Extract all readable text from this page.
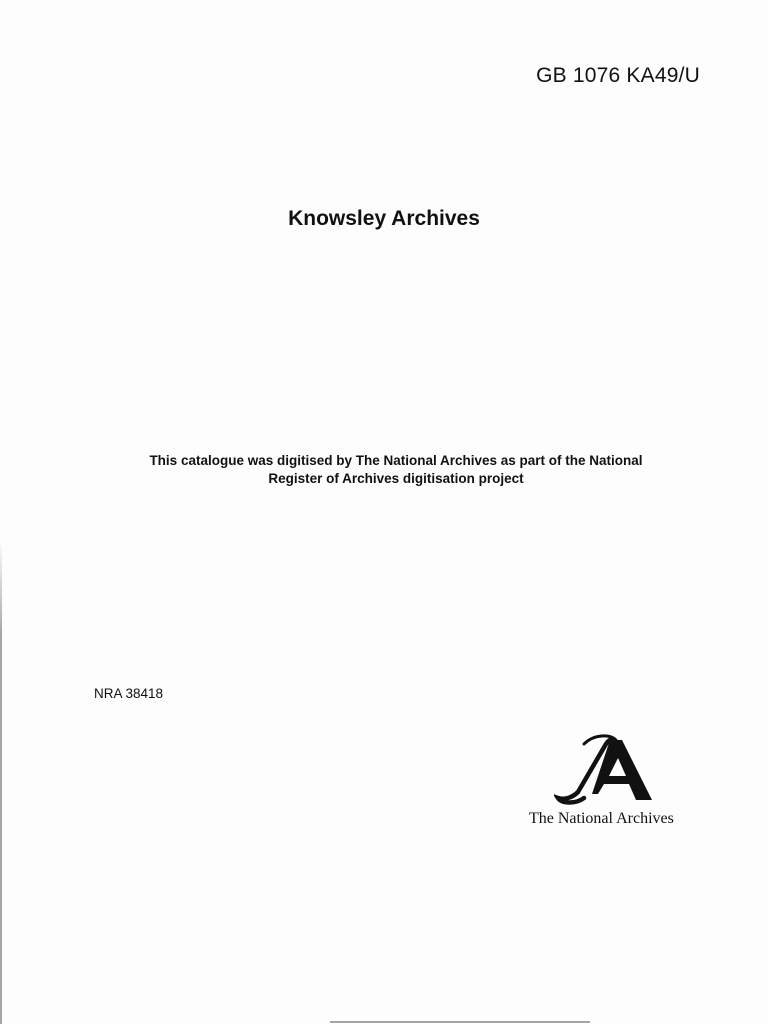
GB 1076 KA49/U
Knowsley Archives
This catalogue was digitised by The National Archives as part of the National
Register of Archives digitisation project
NRA 38418
The National Archives
